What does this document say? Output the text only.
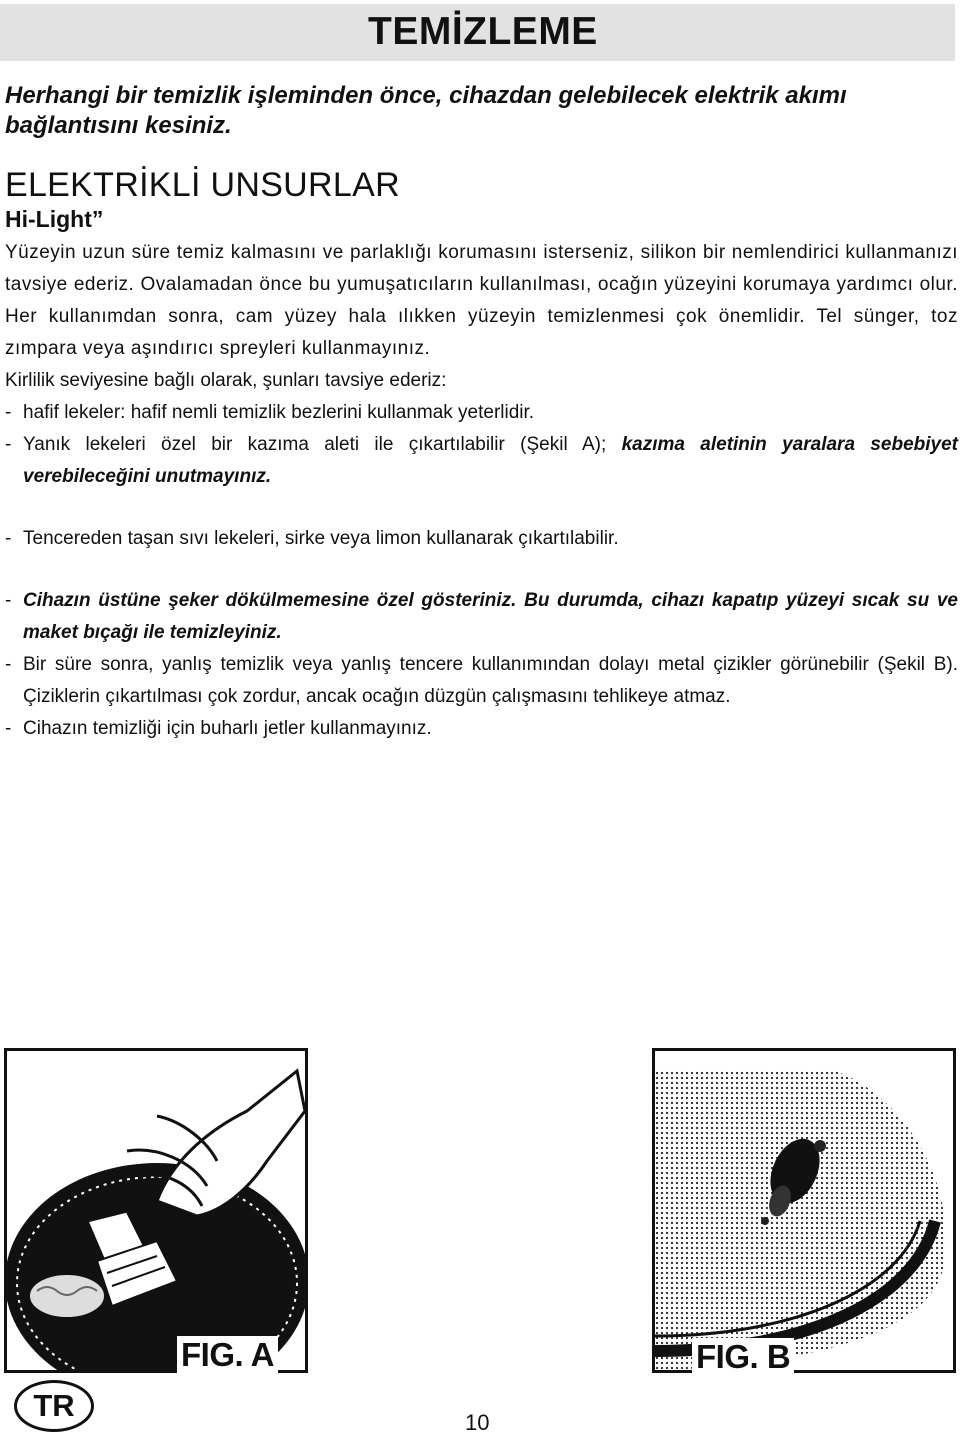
TEMİZLEME
Herhangi bir temizlik işleminden önce, cihazdan gelebilecek elektrik akımı bağlantısını kesiniz.
ELEKTRİKLİ UNSURLAR
Hi-Light”

Yüzeyin uzun süre temiz kalmasını ve parlaklığı korumasını isterseniz, silikon bir nemlendirici kullanmanızı tavsiye ederiz. Ovalamadan önce bu yumuşatıcıların kullanılması, ocağın yüzeyini korumaya yardımcı olur. Her kullanımdan sonra, cam yüzey hala ılıkken yüzeyin temizlenmesi çok önemlidir. Tel sünger, toz zımpara veya aşındırıcı spreyleri kullanmayınız.

Kirlilik seviyesine bağlı olarak, şunları tavsiye ederiz:

- hafif lekeler: hafif nemli temizlik bezlerini kullanmak yeterlidir.
- Yanık lekeleri özel bir kazıma aleti ile çıkartılabilir (Şekil A); kazıma aletinin yaralara sebebiyet verebileceğini unutmayınız.
- Tencereden taşan sıvı lekeleri, sirke veya limon kullanarak çıkartılabilir.
- Cihazın üstüne şeker dökülmemesine özel gösteriniz. Bu durumda, cihazı kapatıp yüzeyi sıcak su ve maket bıçağı ile temizleyiniz.
- Bir süre sonra, yanlış temizlik veya yanlış tencere kullanımından dolayı metal çizikler görünebilir (Şekil B). Çiziklerin çıkartılması çok zordur, ancak ocağın düzgün çalışmasını tehlikeye atmaz.
- Cihazın temizliği için buharlı jetler kullanmayınız.
FIG. A	FIG. B
TR	10
